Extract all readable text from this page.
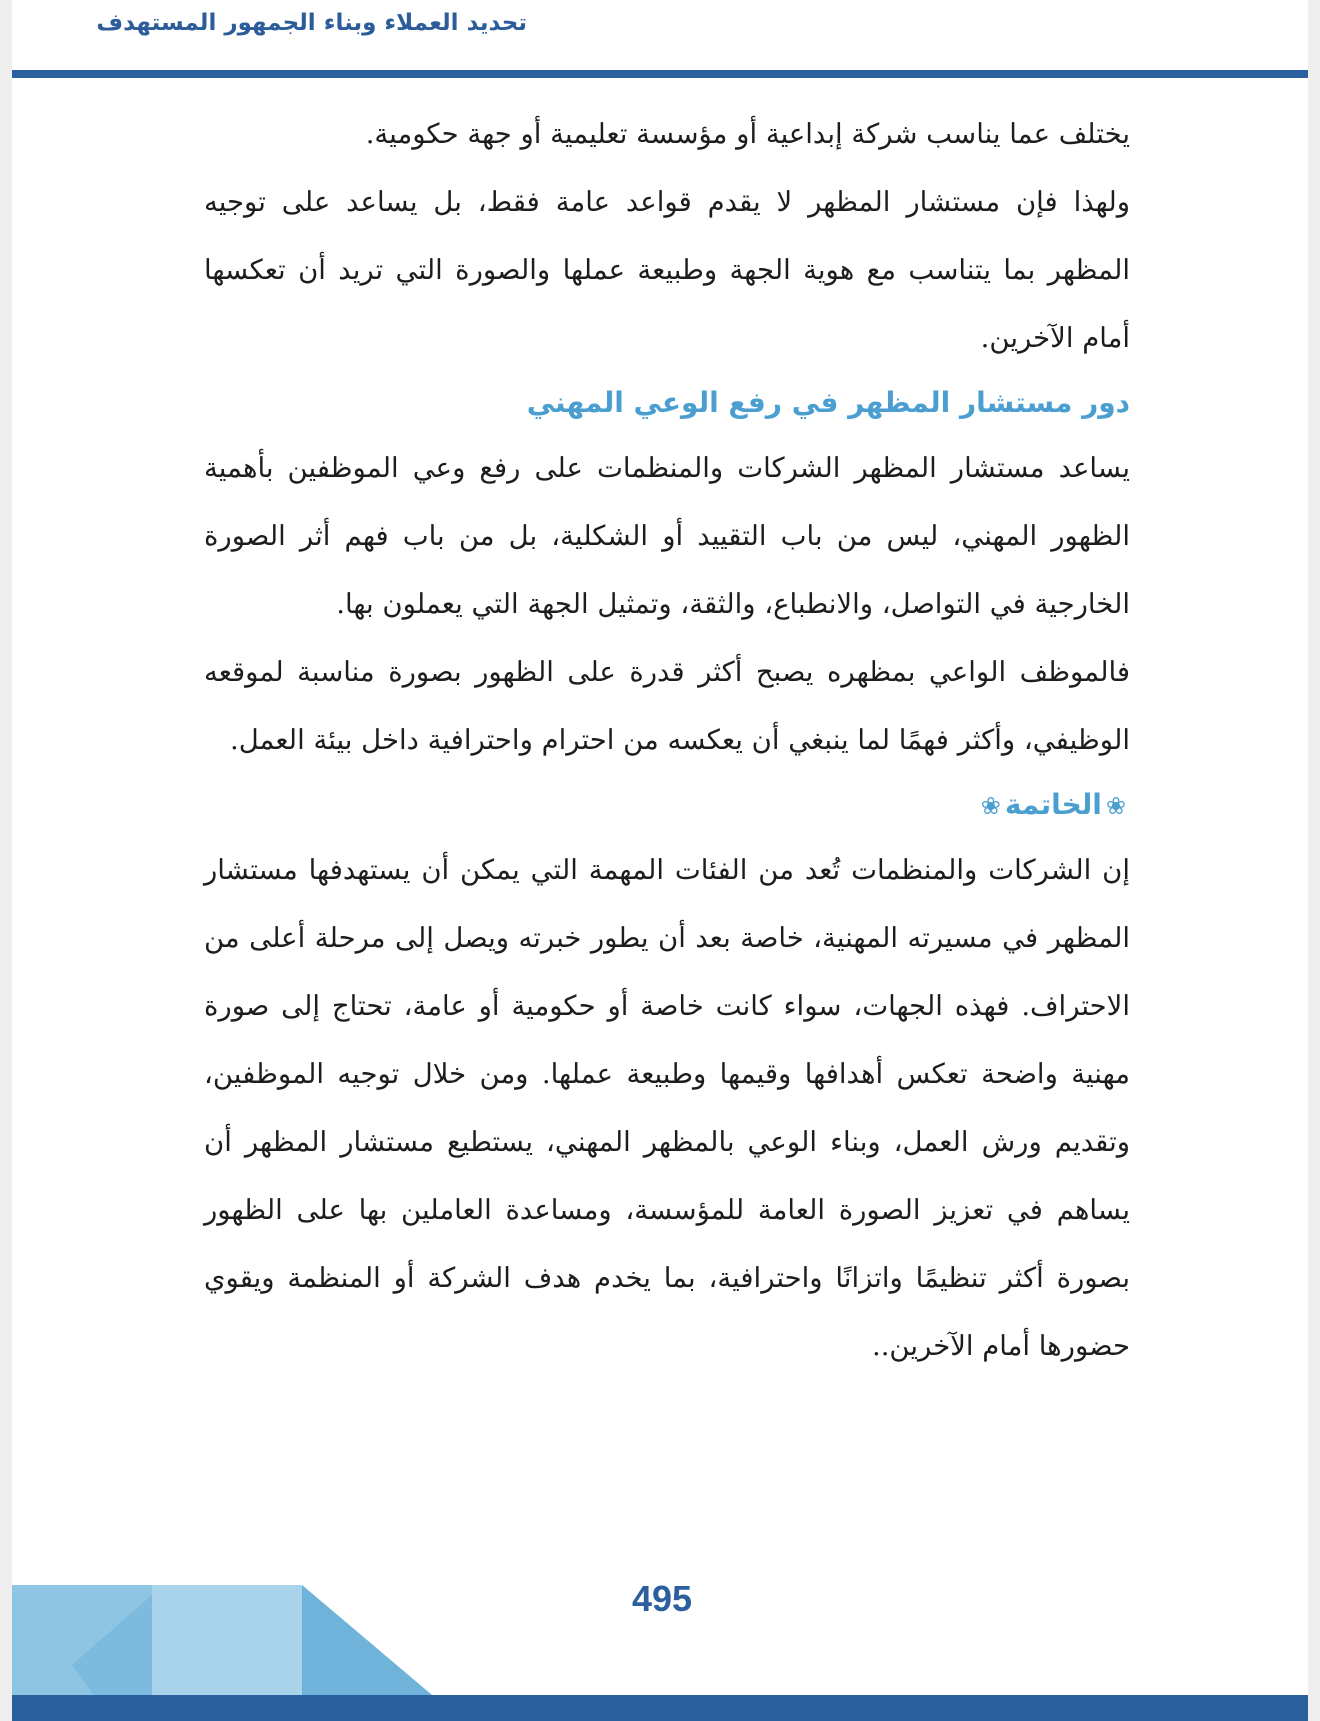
تحديد العملاء وبناء الجمهور المستهدف

يختلف عما يناسب شركة إبداعية أو مؤسسة تعليمية أو جهة حكومية.

ولهذا فإن مستشار المظهر لا يقدم قواعد عامة فقط، بل يساعد على توجيه المظهر بما يتناسب مع هوية الجهة وطبيعة عملها والصورة التي تريد أن تعكسها أمام الآخرين.

دور مستشار المظهر في رفع الوعي المهني

يساعد مستشار المظهر الشركات والمنظمات على رفع وعي الموظفين بأهمية الظهور المهني، ليس من باب التقييد أو الشكلية، بل من باب فهم أثر الصورة الخارجية في التواصل، والانطباع، والثقة، وتمثيل الجهة التي يعملون بها.

فالموظف الواعي بمظهره يصبح أكثر قدرة على الظهور بصورة مناسبة لموقعه الوظيفي، وأكثر فهمًا لما ينبغي أن يعكسه من احترام واحترافية داخل بيئة العمل.

❀الخاتمة❀

إن الشركات والمنظمات تُعد من الفئات المهمة التي يمكن أن يستهدفها مستشار المظهر في مسيرته المهنية، خاصة بعد أن يطور خبرته ويصل إلى مرحلة أعلى من الاحتراف. فهذه الجهات، سواء كانت خاصة أو حكومية أو عامة، تحتاج إلى صورة مهنية واضحة تعكس أهدافها وقيمها وطبيعة عملها. ومن خلال توجيه الموظفين، وتقديم ورش العمل، وبناء الوعي بالمظهر المهني، يستطيع مستشار المظهر أن يساهم في تعزيز الصورة العامة للمؤسسة، ومساعدة العاملين بها على الظهور بصورة أكثر تنظيمًا واتزانًا واحترافية، بما يخدم هدف الشركة أو المنظمة ويقوي حضورها أمام الآخرين..

495
